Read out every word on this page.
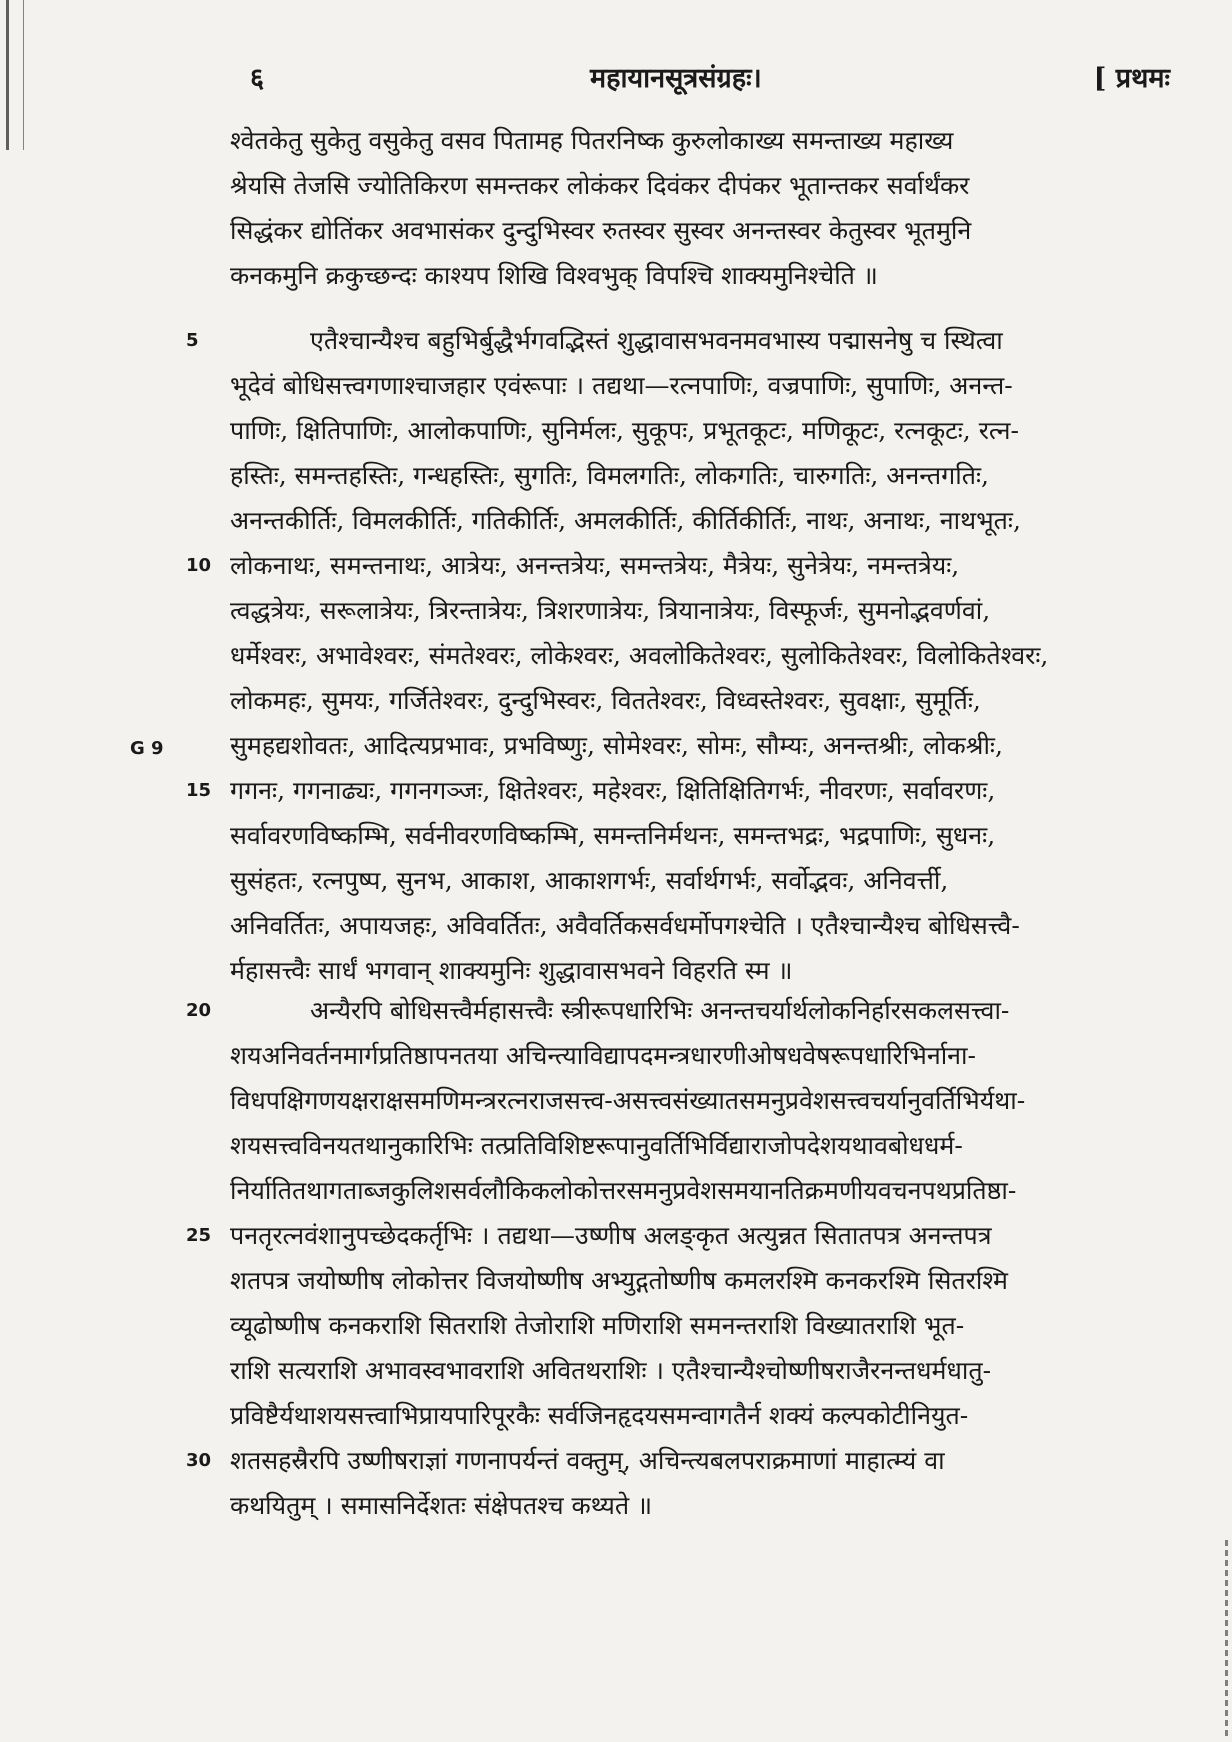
६	महायानसूत्रसंग्रहः।	[ प्रथमः
G 9
श्वेतकेतु सुकेतु वसुकेतु वसव पितामह पितरनिष्क कुरुलोकाख्य समन्ताख्य महाख्य
श्रेयसि तेजसि ज्योतिकिरण समन्तकर लोकंकर दिवंकर दीपंकर भूतान्तकर सर्वार्थंकर
सिद्धंकर द्योतिंकर अवभासंकर दुन्दुभिस्वर रुतस्वर सुस्वर अनन्तस्वर केतुस्वर भूतमुनि
कनकमुनि क्रकुच्छन्दः काश्यप शिखि विश्वभुक् विपश्चि शाक्यमुनिश्चेति ॥
5	एतैश्चान्यैश्च बहुभिर्बुद्धैर्भगवद्भिस्तं शुद्धावासभवनमवभास्य पद्मासनेषु च स्थित्वा
भूदेवं बोधिसत्त्वगणाश्चाजहार एवंरूपाः । तद्यथा—रत्नपाणिः, वज्रपाणिः, सुपाणिः, अनन्त-
पाणिः, क्षितिपाणिः, आलोकपाणिः, सुनिर्मलः, सुकूपः, प्रभूतकूटः, मणिकूटः, रत्नकूटः, रत्न-
हस्तिः, समन्तहस्तिः, गन्धहस्तिः, सुगतिः, विमलगतिः, लोकगतिः, चारुगतिः, अनन्तगतिः,
अनन्तकीर्तिः, विमलकीर्तिः, गतिकीर्तिः, अमलकीर्तिः, कीर्तिकीर्तिः, नाथः, अनाथः, नाथभूतः,
10 लोकनाथः, समन्तनाथः, आत्रेयः, अनन्तत्रेयः, समन्तत्रेयः, मैत्रेयः, सुनेत्रेयः, नमन्तत्रेयः,
त्वद्धत्रेयः, सरूलात्रेयः, त्रिरन्तात्रेयः, त्रिशरणात्रेयः, त्रियानात्रेयः, विस्फूर्जः, सुमनोद्भवर्णवां,
धर्मेश्वरः, अभावेश्वरः, संमतेश्वरः, लोकेश्वरः, अवलोकितेश्वरः, सुलोकितेश्वरः, विलोकितेश्वरः,
लोकमहः, सुमयः, गर्जितेश्वरः, दुन्दुभिस्वरः, विततेश्वरः, विध्वस्तेश्वरः, सुवक्षाः, सुमूर्तिः,
सुमहद्यशोवतः, आदित्यप्रभावः, प्रभविष्णुः, सोमेश्वरः, सोमः, सौम्यः, अनन्तश्रीः, लोकश्रीः,
15 गगनः, गगनाढ्यः, गगनगञ्जः, क्षितेश्वरः, महेश्वरः, क्षितिक्षितिगर्भः, नीवरणः, सर्वावरणः,
सर्वावरणविष्कम्भि, सर्वनीवरणविष्कम्भि, समन्तनिर्मथनः, समन्तभद्रः, भद्रपाणिः, सुधनः,
सुसंहतः, रत्नपुष्प, सुनभ, आकाश, आकाशगर्भः, सर्वार्थगर्भः, सर्वोद्भवः, अनिवर्त्ती,
अनिवर्तितः, अपायजहः, अविवर्तितः, अवैवर्तिकसर्वधर्मोपगश्चेति । एतैश्चान्यैश्च बोधिसत्त्वै-
र्महासत्त्वैः सार्धं भगवान् शाक्यमुनिः शुद्धावासभवने विहरति स्म ॥
20	अन्यैरपि बोधिसत्त्वैर्महासत्त्वैः स्त्रीरूपधारिभिः अनन्तचर्यार्थलोकनिर्हारसकलसत्त्वा-
शयअनिवर्तनमार्गप्रतिष्ठापनतया अचिन्त्याविद्यापदमन्त्रधारणीओषधवेषरूपधारिभिर्नाना-
विधपक्षिगणयक्षराक्षसमणिमन्त्ररत्नराजसत्त्व-असत्त्वसंख्यातसमनुप्रवेशसत्त्वचर्यानुवर्तिभिर्यथा-
शयसत्त्वविनयतथानुकारिभिः तत्प्रतिविशिष्टरूपानुवर्तिभिर्विद्याराजोपदेशयथावबोधधर्म-
निर्यातितथागताब्जकुलिशसर्वलौकिकलोकोत्तरसमनुप्रवेशसमयानतिक्रमणीयवचनपथप्रतिष्ठा-
25 पनतृरत्नवंशानुपच्छेदकर्तृभिः । तद्यथा—उष्णीष अलङ्कृत अत्युन्नत सितातपत्र अनन्तपत्र
शतपत्र जयोष्णीष लोकोत्तर विजयोष्णीष अभ्युद्गतोष्णीष कमलरश्मि कनकरश्मि सितरश्मि
व्यूढोष्णीष कनकराशि सितराशि तेजोराशि मणिराशि समनन्तराशि विख्यातराशि भूत-
राशि सत्यराशि अभावस्वभावराशि अवितथराशिः । एतैश्चान्यैश्चोष्णीषराजैरनन्तधर्मधातु-
प्रविष्टैर्यथाशयसत्त्वाभिप्रायपारिपूरकैः सर्वजिनहृदयसमन्वागतैर्न शक्यं कल्पकोटीनियुत-
30 शतसहस्रैरपि उष्णीषराज्ञां गणनापर्यन्तं वक्तुम्, अचिन्त्यबलपराक्रमाणां माहात्म्यं वा
कथयितुम् । समासनिर्देशतः संक्षेपतश्च कथ्यते ॥
